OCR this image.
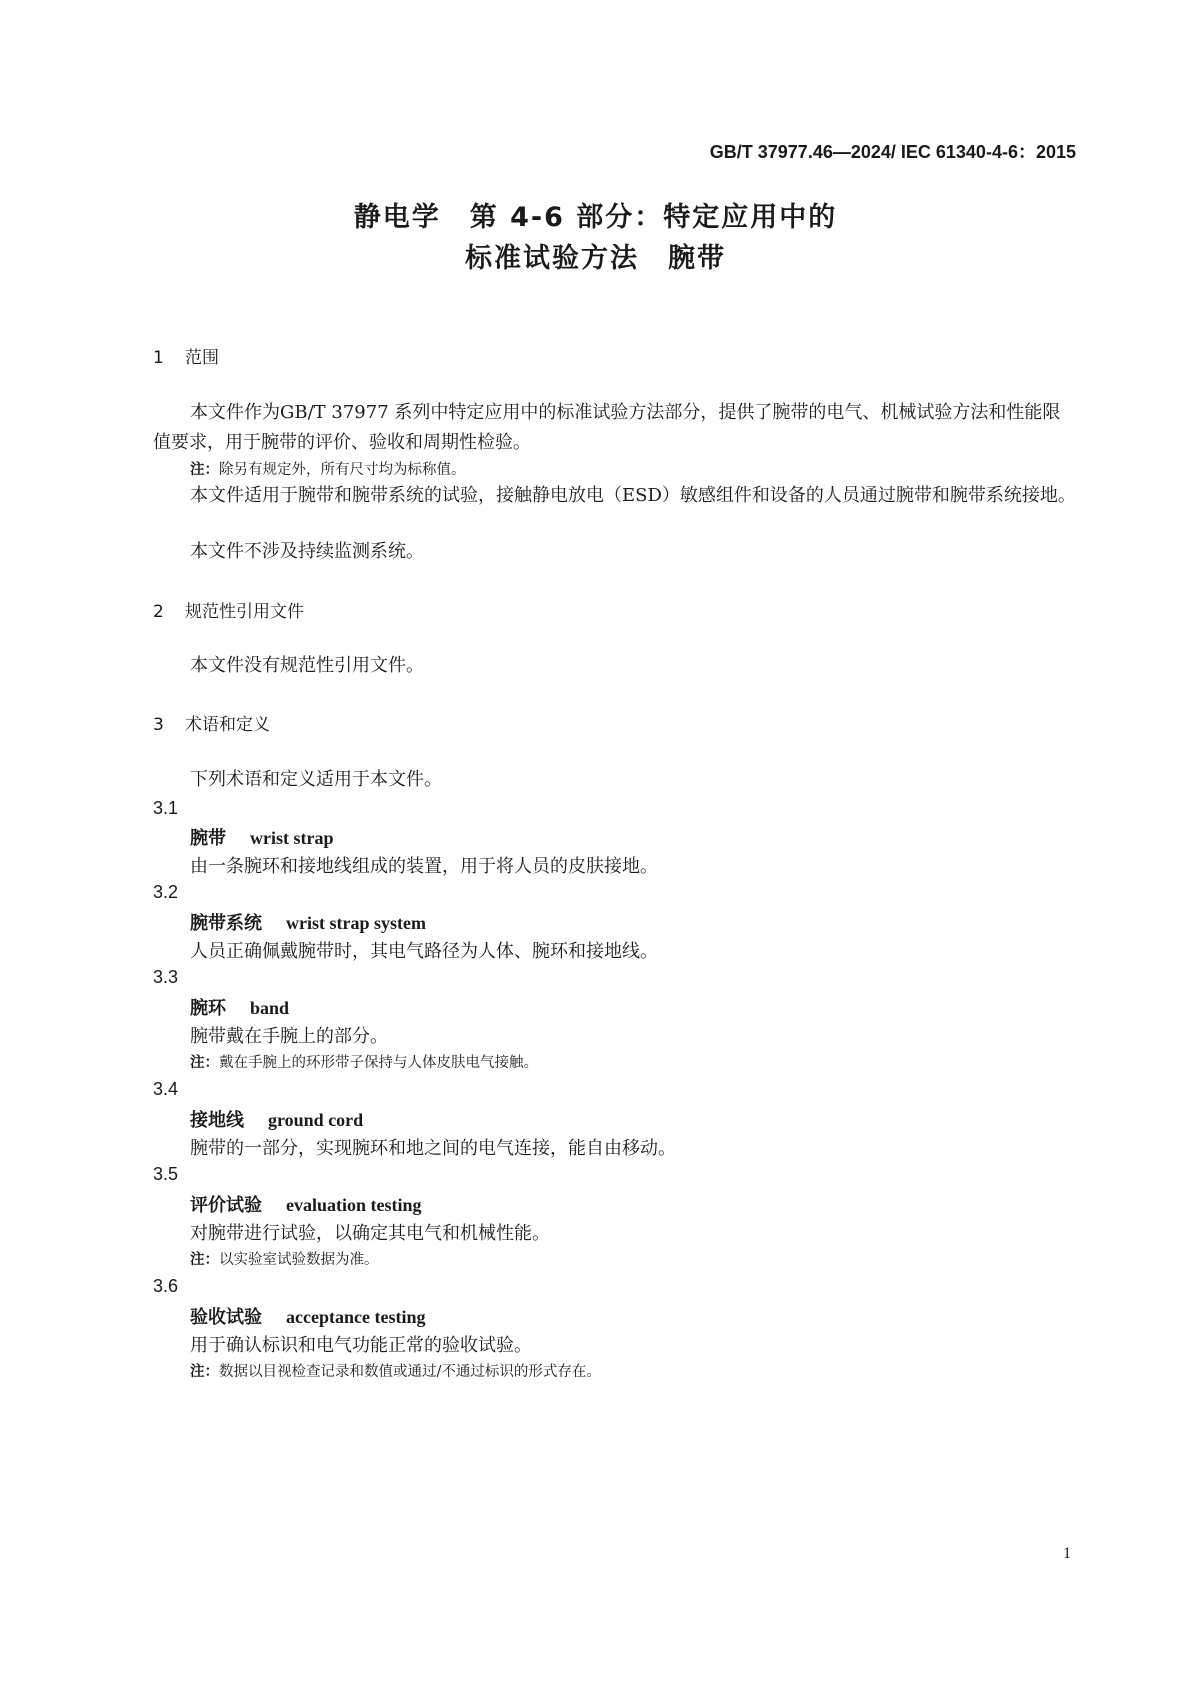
GB/T 37977.46—2024/ IEC 61340-4-6：2015
静电学　第 4-6 部分：特定应用中的
标准试验方法　腕带
1 范围

本文件作为GB/T 37977 系列中特定应用中的标准试验方法部分，提供了腕带的电气、机械试验方法和性能限值要求，用于腕带的评价、验收和周期性检验。

注：除另有规定外，所有尺寸均为标称值。

本文件适用于腕带和腕带系统的试验，接触静电放电（ESD）敏感组件和设备的人员通过腕带和腕带系统接地。

本文件不涉及持续监测系统。

2 规范性引用文件

本文件没有规范性引用文件。

3 术语和定义

下列术语和定义适用于本文件。

3.1
腕带 wrist strap
由一条腕环和接地线组成的装置，用于将人员的皮肤接地。
3.2
腕带系统 wrist strap system
人员正确佩戴腕带时，其电气路径为人体、腕环和接地线。
3.3
腕环 band
腕带戴在手腕上的部分。
注：戴在手腕上的环形带子保持与人体皮肤电气接触。
3.4
接地线 ground cord
腕带的一部分，实现腕环和地之间的电气连接，能自由移动。
3.5
评价试验 evaluation testing
对腕带进行试验，以确定其电气和机械性能。
注：以实验室试验数据为准。
3.6
验收试验 acceptance testing
用于确认标识和电气功能正常的验收试验。
注：数据以目视检查记录和数值或通过/不通过标识的形式存在。
1
